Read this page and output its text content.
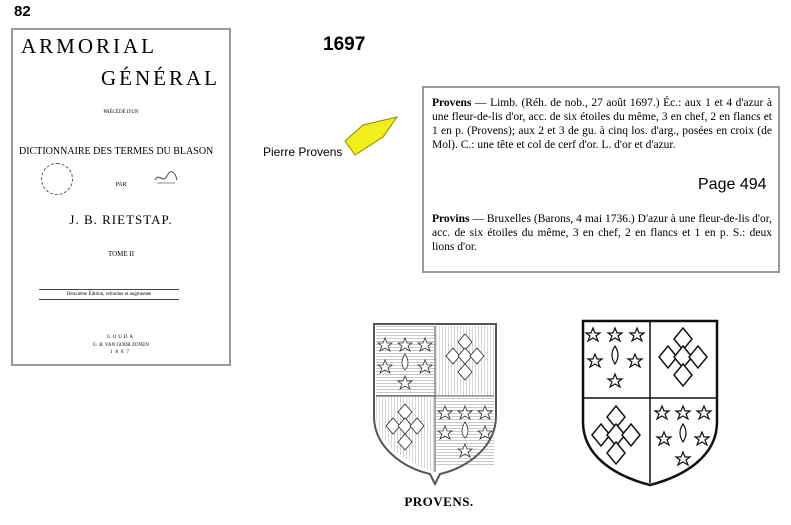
82
1697
ARMORIAL
GÉNÉRAL
PRÉCÉDÉ D'UN
DICTIONNAIRE DES TERMES DU BLASON
PAR
J. B. RIETSTAP.
TOME II
Deuxième Édition, refondue et augmentée
GOUDA
G. B. VAN GOOR ZONEN
1887
Pierre Provens
Provens — Limb. (Réh. de nob., 27 août 1697.) Éc.: aux 1 et 4 d'azur à une fleur-de-lis d'or, acc. de six étoiles du même, 3 en chef, 2 en flancs et 1 en p. (Provens); aux 2 et 3 de gu. à cinq los. d'arg., posées en croix (de Mol). C.: une tête et col de cerf d'or. L. d'or et d'azur.
Page 494
Provins — Bruxelles (Barons, 4 mai 1736.) D'azur à une fleur-de-lis d'or, acc. de six étoiles du même, 3 en chef, 2 en flancs et 1 en p. S.: deux lions d'or.
PROVENS.
